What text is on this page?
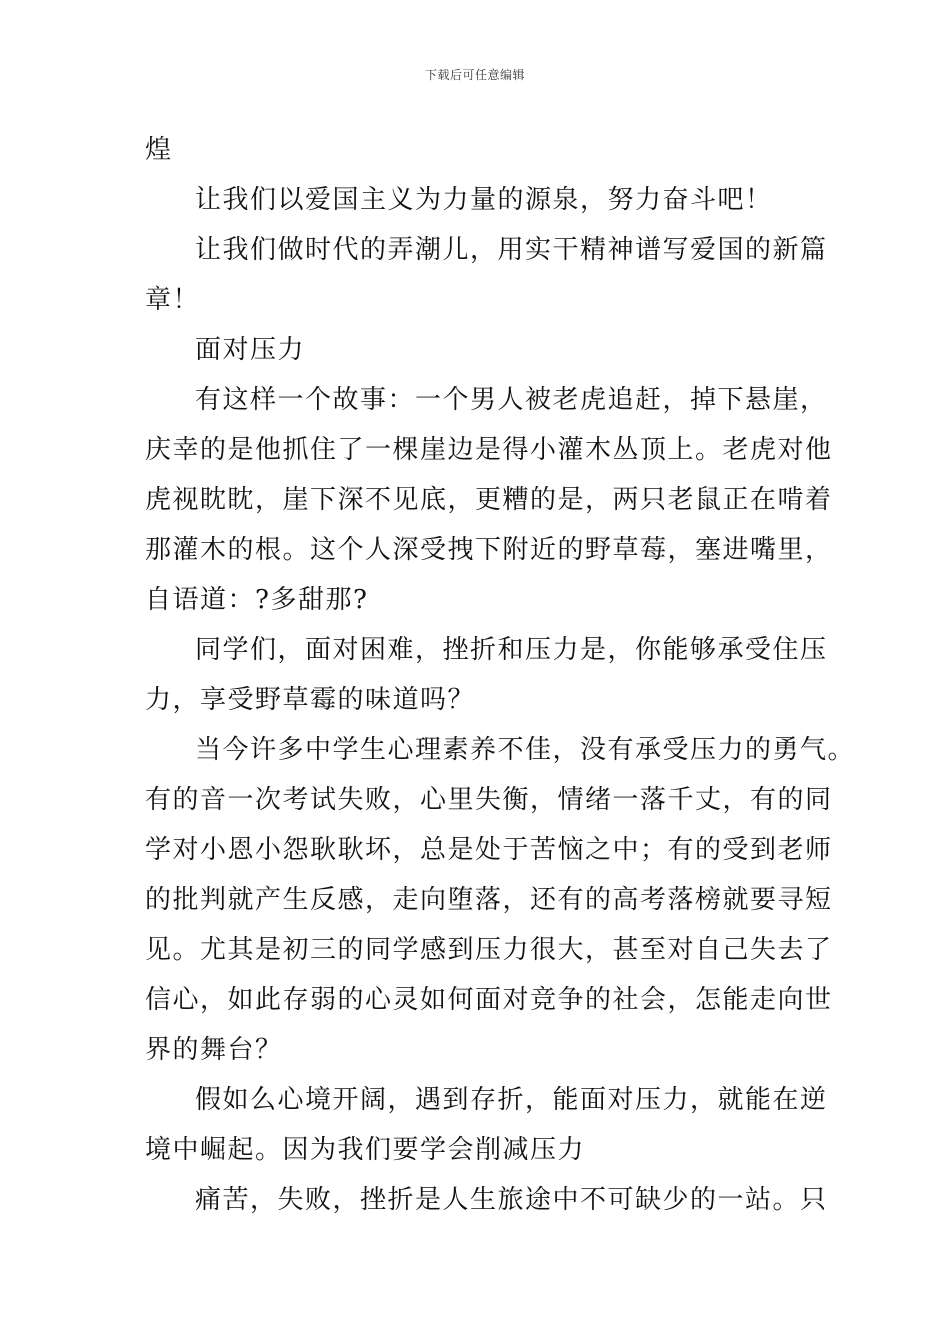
下载后可任意编辑
煌
让我们以爱国主义为力量的源泉，努力奋斗吧！
让我们做时代的弄潮儿，用实干精神谱写爱国的新篇
章！
面对压力
有这样一个故事：一个男人被老虎追赶，掉下悬崖，
庆幸的是他抓住了一棵崖边是得小灌木丛顶上。老虎对他
虎视眈眈，崖下深不见底，更糟的是，两只老鼠正在啃着
那灌木的根。这个人深受拽下附近的野草莓，塞进嘴里，
自语道：?多甜那?
同学们，面对困难，挫折和压力是，你能够承受住压
力，享受野草霉的味道吗？
当今许多中学生心理素养不佳，没有承受压力的勇气。
有的音一次考试失败，心里失衡，情绪一落千丈，有的同
学对小恩小怨耿耿坏，总是处于苦恼之中；有的受到老师
的批判就产生反感，走向堕落，还有的高考落榜就要寻短
见。尤其是初三的同学感到压力很大，甚至对自己失去了
信心，如此存弱的心灵如何面对竞争的社会，怎能走向世
界的舞台？
假如么心境开阔，遇到存折，能面对压力，就能在逆
境中崛起。因为我们要学会削减压力
痛苦，失败，挫折是人生旅途中不可缺少的一站。只
